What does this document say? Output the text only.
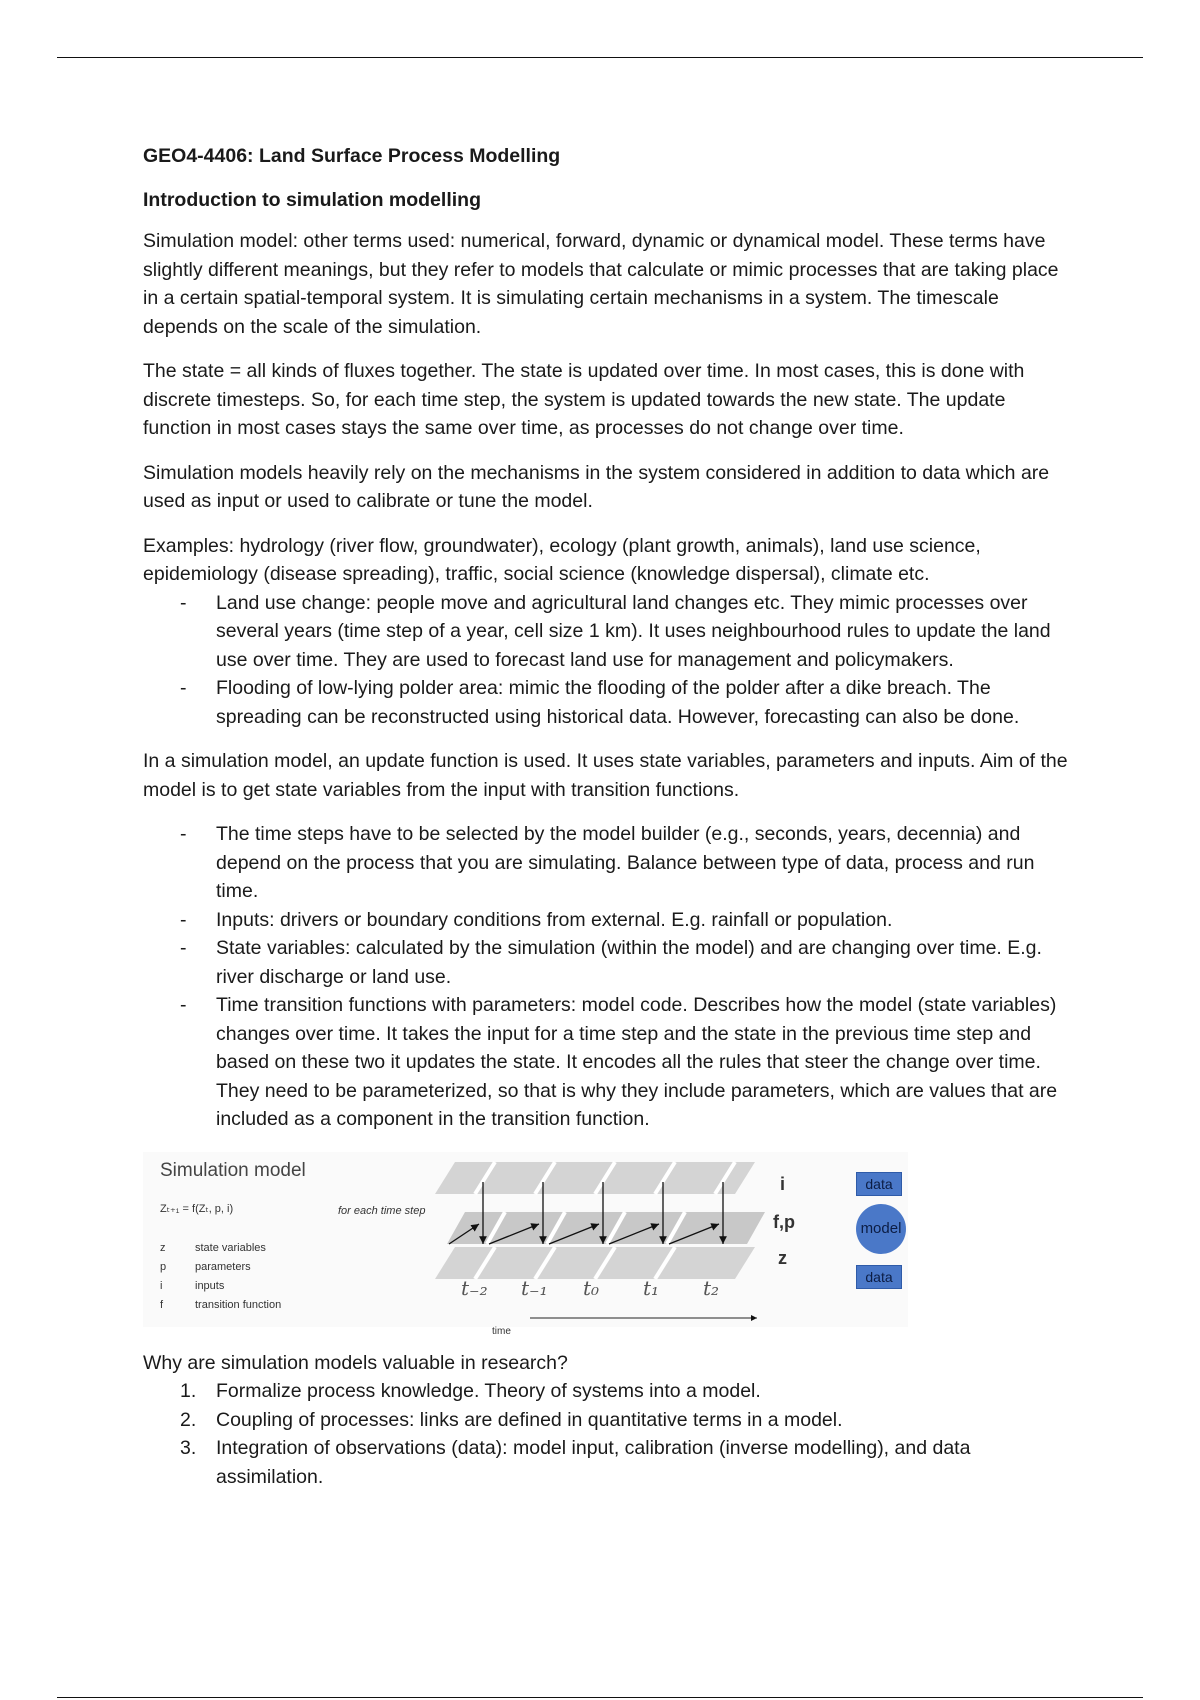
GEO4-4406: Land Surface Process Modelling

Introduction to simulation modelling

Simulation model: other terms used: numerical, forward, dynamic or dynamical model. These terms have slightly different meanings, but they refer to models that calculate or mimic processes that are taking place in a certain spatial-temporal system. It is simulating certain mechanisms in a system. The timescale depends on the scale of the simulation.

The state = all kinds of fluxes together. The state is updated over time. In most cases, this is done with discrete timesteps. So, for each time step, the system is updated towards the new state. The update function in most cases stays the same over time, as processes do not change over time.

Simulation models heavily rely on the mechanisms in the system considered in addition to data which are used as input or used to calibrate or tune the model.

Examples: hydrology (river flow, groundwater), ecology (plant growth, animals), land use science, epidemiology (disease spreading), traffic, social science (knowledge dispersal), climate etc.

- Land use change: people move and agricultural land changes etc. They mimic processes over several years (time step of a year, cell size 1 km). It uses neighbourhood rules to update the land use over time. They are used to forecast land use for management and policymakers.
- Flooding of low-lying polder area: mimic the flooding of the polder after a dike breach. The spreading can be reconstructed using historical data. However, forecasting can also be done.

In a simulation model, an update function is used. It uses state variables, parameters and inputs. Aim of the model is to get state variables from the input with transition functions.

- The time steps have to be selected by the model builder (e.g., seconds, years, decennia) and depend on the process that you are simulating. Balance between type of data, process and run time.
- Inputs: drivers or boundary conditions from external. E.g. rainfall or population.
- State variables: calculated by the simulation (within the model) and are changing over time. E.g. river discharge or land use.
- Time transition functions with parameters: model code. Describes how the model (state variables) changes over time. It takes the input for a time step and the state in the previous time step and based on these two it updates the state. It encodes all the rules that steer the change over time. They need to be parameterized, so that is why they include parameters, which are values that are included as a component in the transition function.
Simulation model
Zₜ₊₁ = f(Zₜ, p, i)
z	state variables
p	parameters
i	inputs
f	transition function
for each time step
t₋₂ t₋₁ t₀ t₁ t₂
i
f,p
z
time
data
model
data

Why are simulation models valuable in research?

1. Formalize process knowledge. Theory of systems into a model.
2. Coupling of processes: links are defined in quantitative terms in a model.
3. Integration of observations (data): model input, calibration (inverse modelling), and data assimilation.
